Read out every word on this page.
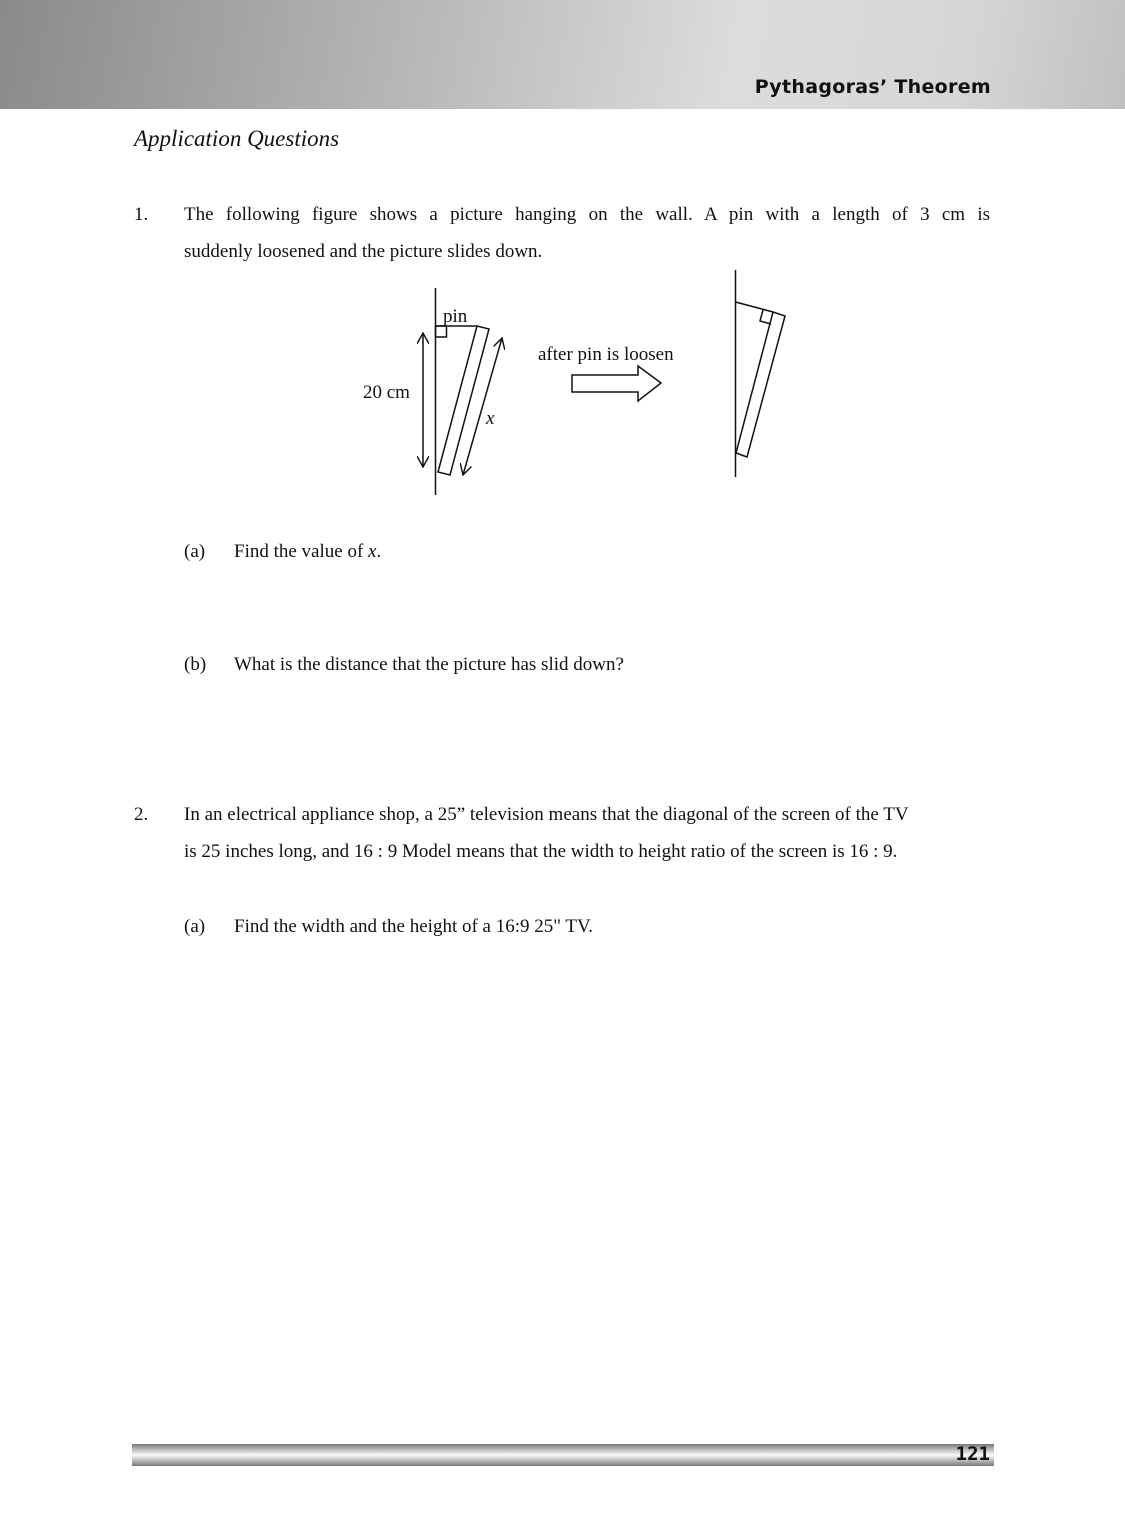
Pythagoras’ Theorem
Application Questions
1. The following figure shows a picture hanging on the wall. A pin with a length of 3 cm is
suddenly loosened and the picture slides down.
pin
20 cm
x
after pin is loosen
(a) Find the value of x.
(b) What is the distance that the picture has slid down?
2. In an electrical appliance shop, a 25” television means that the diagonal of the screen of the TV
is 25 inches long, and 16 : 9 Model means that the width to height ratio of the screen is 16 : 9.
(a) Find the width and the height of a 16:9 25" TV.
121
